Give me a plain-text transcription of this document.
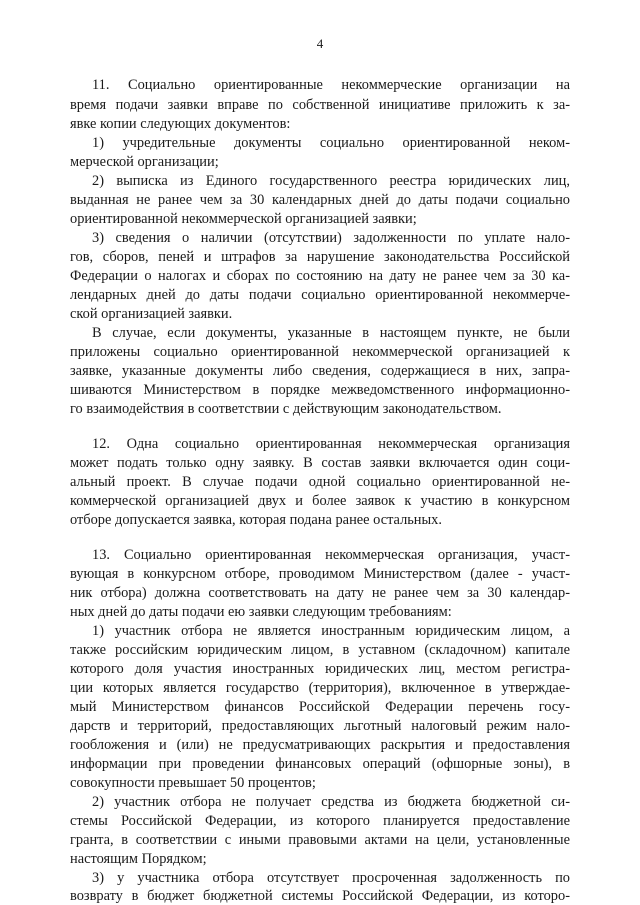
4
11. Социально ориентированные некоммерческие организации на
время подачи заявки вправе по собственной инициативе приложить к за-
явке копии следующих документов:
1) учредительные документы социально ориентированной неком-
мерческой организации;
2) выписка из Единого государственного реестра юридических лиц,
выданная не ранее чем за 30 календарных дней до даты подачи социально
ориентированной некоммерческой организацией заявки;
3) сведения о наличии (отсутствии) задолженности по уплате нало-
гов, сборов, пеней и штрафов за нарушение законодательства Российской
Федерации о налогах и сборах по состоянию на дату не ранее чем за 30 ка-
лендарных дней до даты подачи социально ориентированной некоммерче-
ской организацией заявки.
В случае, если документы, указанные в настоящем пункте, не были
приложены социально ориентированной некоммерческой организацией к
заявке, указанные документы либо сведения, содержащиеся в них, запра-
шиваются Министерством в порядке межведомственного информационно-
го взаимодействия в соответствии с действующим законодательством.
12. Одна социально ориентированная некоммерческая организация
может подать только одну заявку. В состав заявки включается один соци-
альный проект. В случае подачи одной социально ориентированной не-
коммерческой организацией двух и более заявок к участию в конкурсном
отборе допускается заявка, которая подана ранее остальных.
13. Социально ориентированная некоммерческая организация, участ-
вующая в конкурсном отборе, проводимом Министерством (далее - участ-
ник отбора) должна соответствовать на дату не ранее чем за 30 календар-
ных дней до даты подачи ею заявки следующим требованиям:
1) участник отбора не является иностранным юридическим лицом, а
также российским юридическим лицом, в уставном (складочном) капитале
которого доля участия иностранных юридических лиц, местом регистра-
ции которых является государство (территория), включенное в утверждае-
мый Министерством финансов Российской Федерации перечень госу-
дарств и территорий, предоставляющих льготный налоговый режим нало-
гообложения и (или) не предусматривающих раскрытия и предоставления
информации при проведении финансовых операций (офшорные зоны), в
совокупности превышает 50 процентов;
2) участник отбора не получает средства из бюджета бюджетной си-
стемы Российской Федерации, из которого планируется предоставление
гранта, в соответствии с иными правовыми актами на цели, установленные
настоящим Порядком;
3) у участника отбора отсутствует просроченная задолженность по
возврату в бюджет бюджетной системы Российской Федерации, из которо-
